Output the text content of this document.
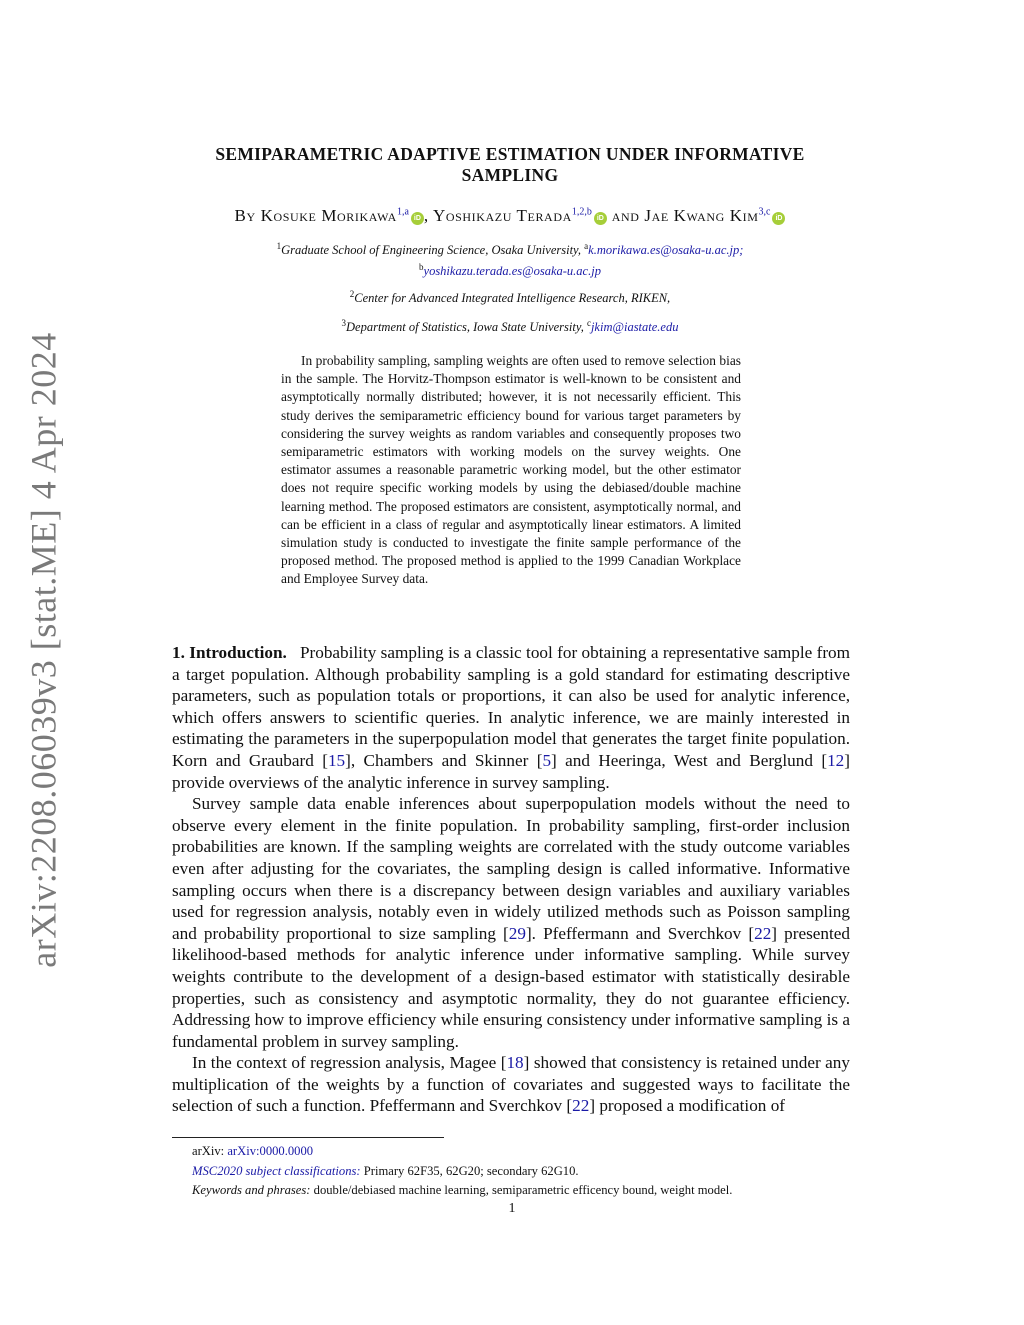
arXiv:2208.06039v3 [stat.ME] 4 Apr 2024
SEMIPARAMETRIC ADAPTIVE ESTIMATION UNDER INFORMATIVE
SAMPLING
By Kosuke Morikawa$^{1,a}$iD , Yoshikazu Terada$^{1,2,b}$iD and Jae Kwang Kim$^{3,c}$iD
$^1$Graduate School of Engineering Science, Osaka University, $^a$k.morikawa.es@osaka-u.ac.jp;
$^b$yoshikazu.terada.es@osaka-u.ac.jp
$^2$Center for Advanced Integrated Intelligence Research, RIKEN,
$^3$Department of Statistics, Iowa State University, $^c$jkim@iastate.edu
In probability sampling, sampling weights are often used to remove selection bias in the sample. The Horvitz-Thompson estimator is well-known to be consistent and asymptotically normally distributed; however, it is not necessarily efficient. This study derives the semiparametric efficiency bound for various target parameters by considering the survey weights as random variables and consequently proposes two semiparametric estimators with working models on the survey weights. One estimator assumes a reasonable parametric working model, but the other estimator does not require specific working models by using the debiased/double machine learning method. The proposed estimators are consistent, asymptotically normal, and can be efficient in a class of regular and asymptotically linear estimators. A limited simulation study is conducted to investigate the finite sample performance of the proposed method. The proposed method is applied to the 1999 Canadian Workplace and Employee Survey data.

1. Introduction. Probability sampling is a classic tool for obtaining a representative sample from a target population. Although probability sampling is a gold standard for estimating descriptive parameters, such as population totals or proportions, it can also be used for analytic inference, which offers answers to scientific queries. In analytic inference, we are mainly interested in estimating the parameters in the superpopulation model that generates the target finite population. Korn and Graubard [15], Chambers and Skinner [5] and Heeringa, West and Berglund [12] provide overviews of the analytic inference in survey sampling.

Survey sample data enable inferences about superpopulation models without the need to observe every element in the finite population. In probability sampling, first-order inclusion probabilities are known. If the sampling weights are correlated with the study outcome variables even after adjusting for the covariates, the sampling design is called informative. Informative sampling occurs when there is a discrepancy between design variables and auxiliary variables used for regression analysis, notably even in widely utilized methods such as Poisson sampling and probability proportional to size sampling [29]. Pfeffermann and Sverchkov [22] presented likelihood-based methods for analytic inference under informative sampling. While survey weights contribute to the development of a design-based estimator with statistically desirable properties, such as consistency and asymptotic normality, they do not guarantee efficiency. Addressing how to improve efficiency while ensuring consistency under informative sampling is a fundamental problem in survey sampling.

In the context of regression analysis, Magee [18] showed that consistency is retained under any multiplication of the weights by a function of covariates and suggested ways to facilitate the selection of such a function. Pfeffermann and Sverchkov [22] proposed a modification of

arXiv: arXiv:0000.0000
MSC2020 subject classifications: Primary 62F35, 62G20; secondary 62G10.
Keywords and phrases: double/debiased machine learning, semiparametric efficency bound, weight model.
1
